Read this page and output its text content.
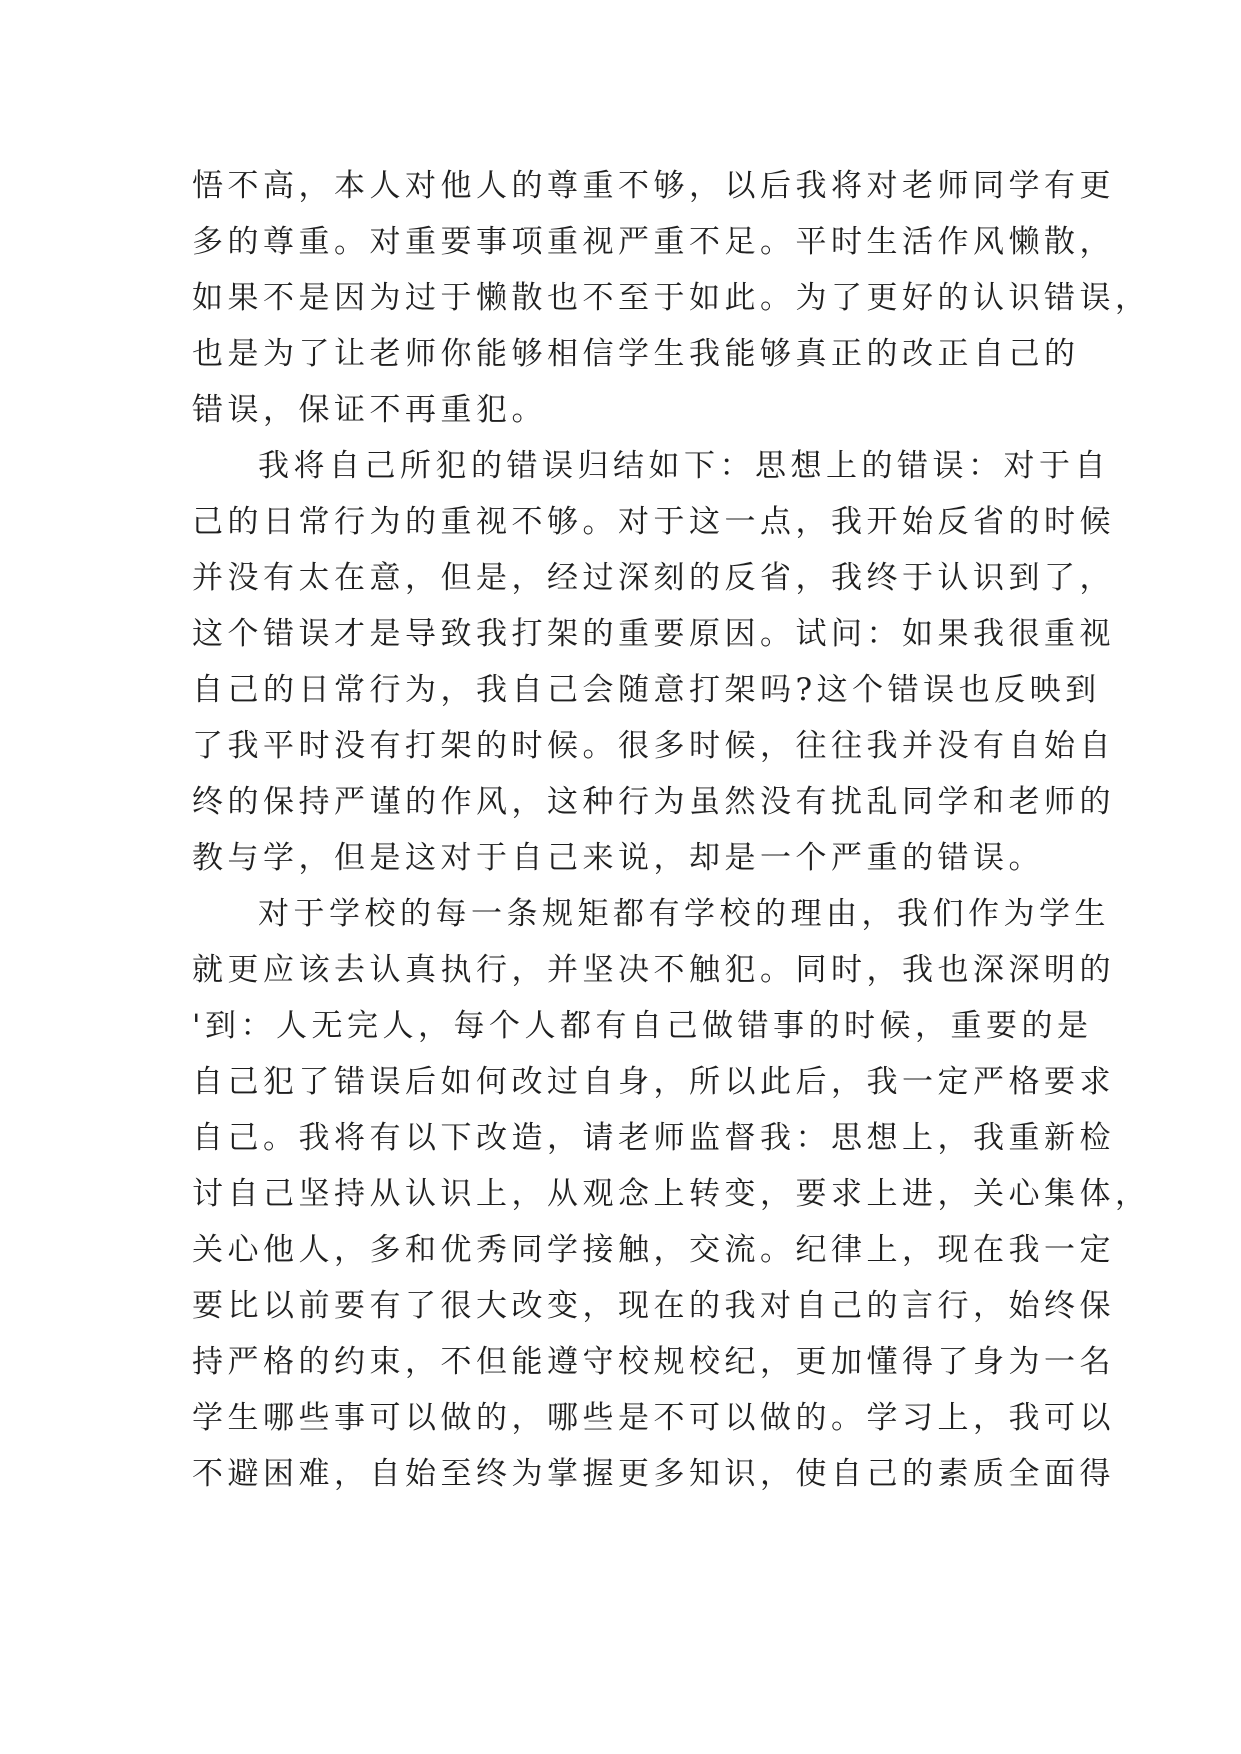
悟不高，本人对他人的尊重不够，以后我将对老师同学有更
多的尊重。对重要事项重视严重不足。平时生活作风懒散，
如果不是因为过于懒散也不至于如此。为了更好的认识错误，
也是为了让老师你能够相信学生我能够真正的改正自己的
错误，保证不再重犯。
我将自己所犯的错误归结如下：思想上的错误：对于自
己的日常行为的重视不够。对于这一点，我开始反省的时候
并没有太在意，但是，经过深刻的反省，我终于认识到了，
这个错误才是导致我打架的重要原因。试问：如果我很重视
自己的日常行为，我自己会随意打架吗?这个错误也反映到
了我平时没有打架的时候。很多时候，往往我并没有自始自
终的保持严谨的作风，这种行为虽然没有扰乱同学和老师的
教与学，但是这对于自己来说，却是一个严重的错误。
对于学校的每一条规矩都有学校的理由，我们作为学生
就更应该去认真执行，并坚决不触犯。同时，我也深深明的
'到：人无完人，每个人都有自己做错事的时候，重要的是
自己犯了错误后如何改过自身，所以此后，我一定严格要求
自己。我将有以下改造，请老师监督我：思想上，我重新检
讨自己坚持从认识上，从观念上转变，要求上进，关心集体，
关心他人，多和优秀同学接触，交流。纪律上，现在我一定
要比以前要有了很大改变，现在的我对自己的言行，始终保
持严格的约束，不但能遵守校规校纪，更加懂得了身为一名
学生哪些事可以做的，哪些是不可以做的。学习上，我可以
不避困难，自始至终为掌握更多知识，使自己的素质全面得
